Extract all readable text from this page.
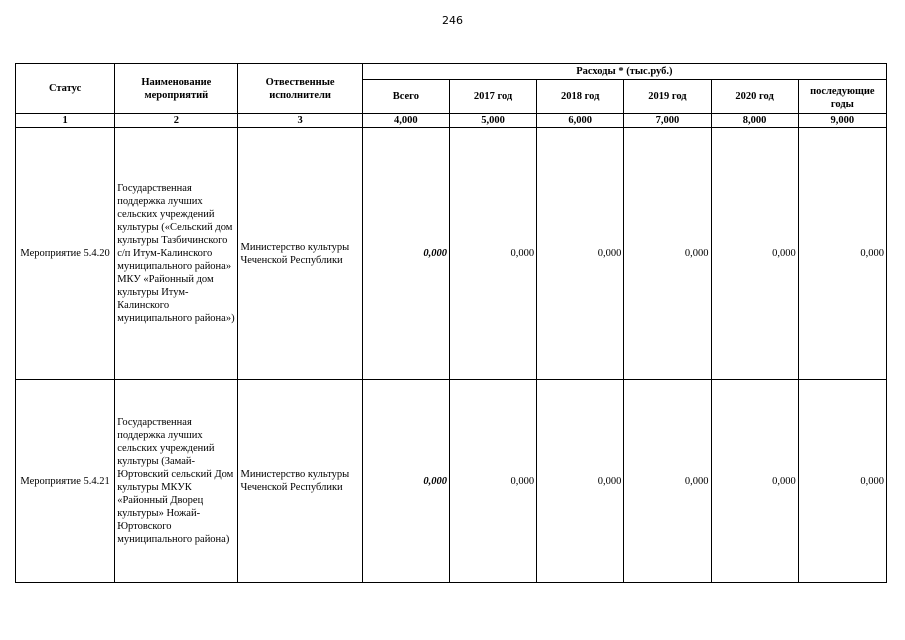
246
Статус	Наименование мероприятий	Отвественные исполнители	Расходы * (тыс.руб.)					
			Всего	2017 год	2018 год	2019 год	2020 год	последующие годы

1	2	3	4,000	5,000	6,000	7,000	8,000	9,000
Мероприятие 5.4.20	Государственная поддержка лучших сельских учреждений культуры («Сельский дом культуры Тазбичинского с/п Итум-Калинского муниципального района» МКУ «Районный дом культуры Итум-Калинского муниципального района»)	Министерство культуры Чеченской Республики	0,000	0,000	0,000	0,000	0,000	0,000
Мероприятие 5.4.21	Государственная поддержка лучших сельских учреждений культуры (Замай-Юртовский сельский Дом культуры МКУК «Районный Дворец культуры» Ножай-Юртовского муниципального района)	Министерство культуры Чеченской Республики	0,000	0,000	0,000	0,000	0,000	0,000
